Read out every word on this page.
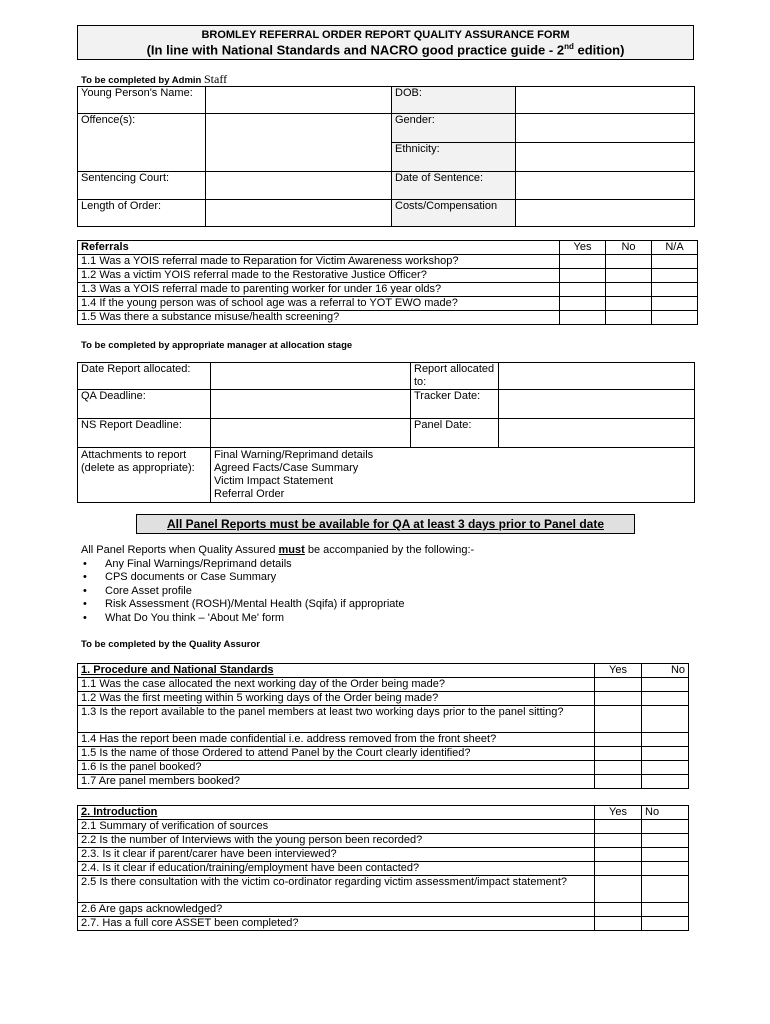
BROMLEY REFERRAL ORDER REPORT QUALITY ASSURANCE FORM
(In line with National Standards and NACRO good practice guide - 2nd edition)
To be completed by Admin Staff
Young Person's Name:		DOB:	
Offence(s):		Gender:	
		Ethnicity:	
Sentencing Court:		Date of Sentence:	
Length of Order:		Costs/Compensation	
Referrals	Yes	No	N/A
1.1 Was a YOIS referral made to Reparation for Victim Awareness workshop?			
1.2 Was a victim YOIS referral made to the Restorative Justice Officer?			
1.3 Was a YOIS referral made to parenting worker for under 16 year olds?			
1.4 If the young person was of school age was a referral to YOT EWO made?			
1.5 Was there a substance misuse/health screening?			
To be completed by appropriate manager at allocation stage
Date Report allocated:		Report allocated to:	
QA Deadline:		Tracker Date:	
NS Report Deadline:		Panel Date:	
Attachments to report (delete as appropriate):	Final Warning/Reprimand details
Agreed Facts/Case Summary
Victim Impact Statement
Referral Order		
All Panel Reports must be available for QA at least 3 days prior to Panel date
All Panel Reports when Quality Assured must be accompanied by the following:-
• Any Final Warnings/Reprimand details
• CPS documents or Case Summary
• Core Asset profile
• Risk Assessment (ROSH)/Mental Health (Sqifa) if appropriate
• What Do You think – 'About Me' form
To be completed by the Quality Assuror
1. Procedure and National Standards	Yes	No
1.1 Was the case allocated the next working day of the Order being made?		
1.2 Was the first meeting within 5 working days of the Order being made?		
1.3 Is the report available to the panel members at least two working days prior to the panel sitting?		
1.4 Has the report been made confidential i.e. address removed from the front sheet?		
1.5 Is the name of those Ordered to attend Panel by the Court clearly identified?		
1.6 Is the panel booked?		
1.7 Are panel members booked?		
2. Introduction	Yes	No
2.1 Summary of verification of sources		
2.2 Is the number of Interviews with the young person been recorded?		
2.3. Is it clear if parent/carer have been interviewed?		
2.4. Is it clear if education/training/employment have been contacted?		
2.5 Is there consultation with the victim co-ordinator regarding victim assessment/impact statement?		
2.6 Are gaps acknowledged?		
2.7. Has a full core ASSET been completed?		
